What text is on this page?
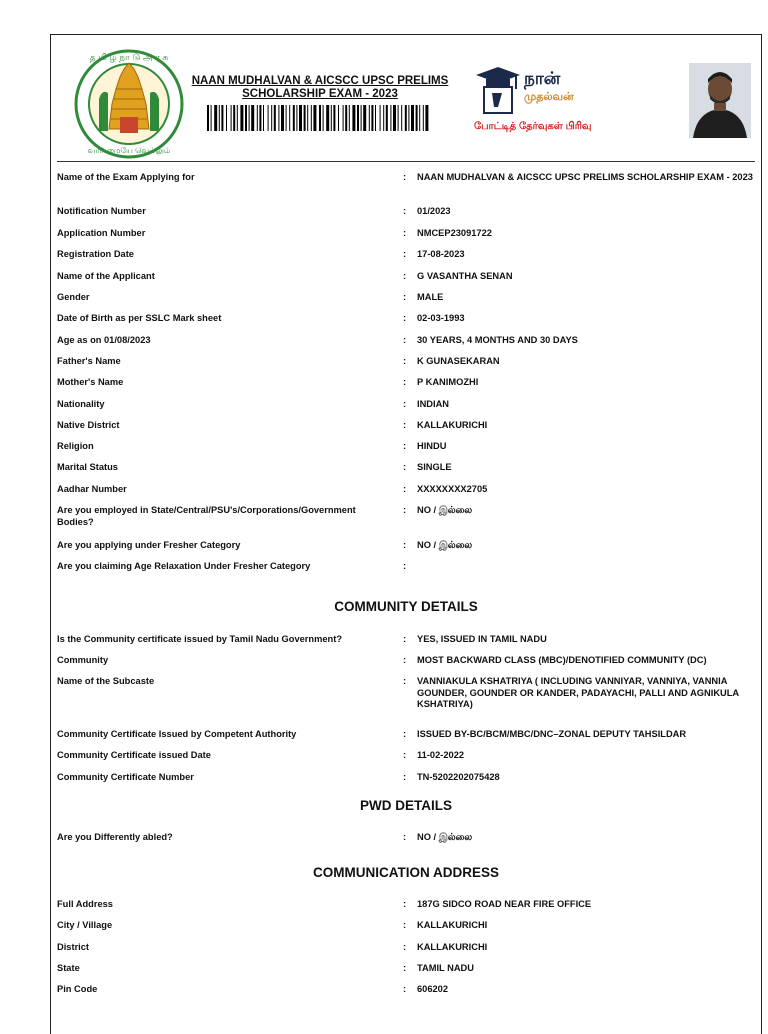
த மி ழ் நா டு அ ர சு
வாய்மையே வெல்லும்
NAAN MUDHALVAN & AICSCC UPSC PRELIMS
SCHOLARSHIP EXAM - 2023
நான்
முதல்வன்
போட்டித் தேர்வுகள் பிரிவு
Name of the Exam Applying for	: NAAN MUDHALVAN & AICSCC UPSC PRELIMS SCHOLARSHIP EXAM - 2023
Notification Number	: 01/2023
Application Number	: NMCEP23091722
Registration Date	: 17-08-2023
Name of the Applicant	: G VASANTHA SENAN
Gender	: MALE
Date of Birth as per SSLC Mark sheet	: 02-03-1993
Age as on 01/08/2023	: 30 YEARS, 4 MONTHS AND 30 DAYS
Father's Name	: K GUNASEKARAN
Mother's Name	: P KANIMOZHI
Nationality	: INDIAN
Native District	: KALLAKURICHI
Religion	: HINDU
Marital Status	: SINGLE
Aadhar Number	: XXXXXXXX2705
Are you employed in State/Central/PSU's/Corporations/Government Bodies?
: NO / இல்லை
Are you applying under Fresher Category	: NO / இல்லை
Are you claiming Age Relaxation Under Fresher Category	:
COMMUNITY DETAILS
Is the Community certificate issued by Tamil Nadu Government?	: YES, ISSUED IN TAMIL NADU
Community	: MOST BACKWARD CLASS (MBC)/DENOTIFIED COMMUNITY (DC)
Name of the Subcaste	: VANNIAKULA KSHATRIYA ( INCLUDING VANNIYAR, VANNIYA, VANNIA GOUNDER, GOUNDER OR KANDER, PADAYACHI, PALLI AND AGNIKULA KSHATRIYA)
Community Certificate Issued by Competent Authority	: ISSUED BY-BC/BCM/MBC/DNC–ZONAL DEPUTY TAHSILDAR
Community Certificate issued Date	: 11-02-2022
Community Certificate Number	: TN-5202202075428
PWD DETAILS
Are you Differently abled?	: NO / இல்லை
COMMUNICATION ADDRESS
Full Address	: 187G SIDCO ROAD NEAR FIRE OFFICE
City / Village	: KALLAKURICHI
District	: KALLAKURICHI
State	: TAMIL NADU
Pin Code	: 606202
